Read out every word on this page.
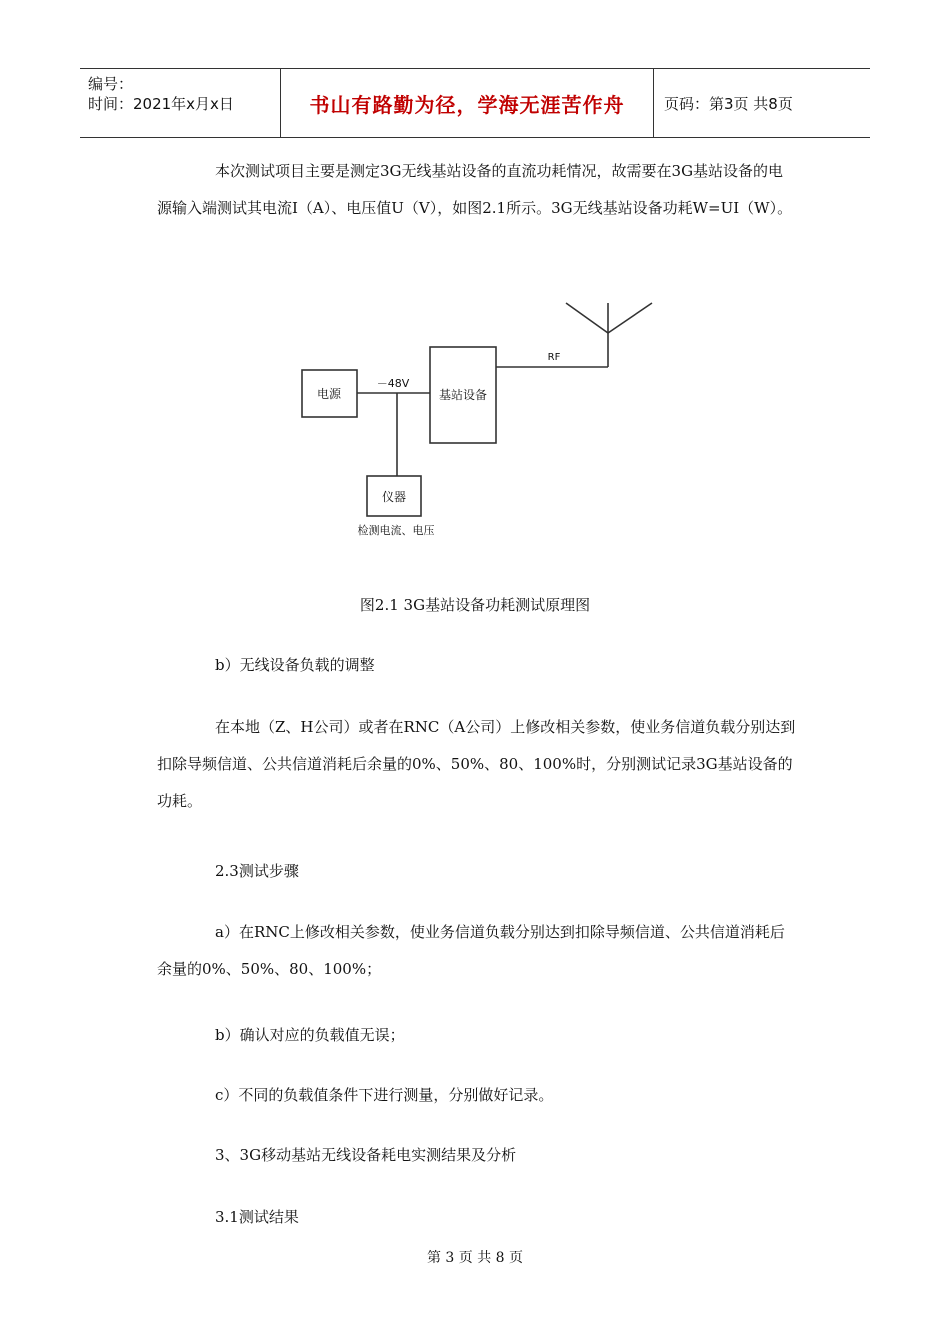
编号：
时间：2021年x月x日	书山有路勤为径，学海无涯苦作舟	页码：第3页 共8页
本次测试项目主要是测定3G无线基站设备的直流功耗情况，故需要在3G基站设备的电源输入端测试其电流I（A）、电压值U（V），如图2.1所示。3G无线基站设备功耗W=UI（W）。
电源
－48V
基站设备
RF
仪器
检测电流、电压
图2.1 3G基站设备功耗测试原理图
b）无线设备负载的调整
在本地（Z、H公司）或者在RNC（A公司）上修改相关参数，使业务信道负载分别达到扣除导频信道、公共信道消耗后余量的0%、50%、80、100%时，分别测试记录3G基站设备的功耗。
2.3测试步骤
a）在RNC上修改相关参数，使业务信道负载分别达到扣除导频信道、公共信道消耗后余量的0%、50%、80、100%；
b）确认对应的负载值无误；
c）不同的负载值条件下进行测量，分别做好记录。
3、3G移动基站无线设备耗电实测结果及分析
3.1测试结果
第 3 页 共 8 页
